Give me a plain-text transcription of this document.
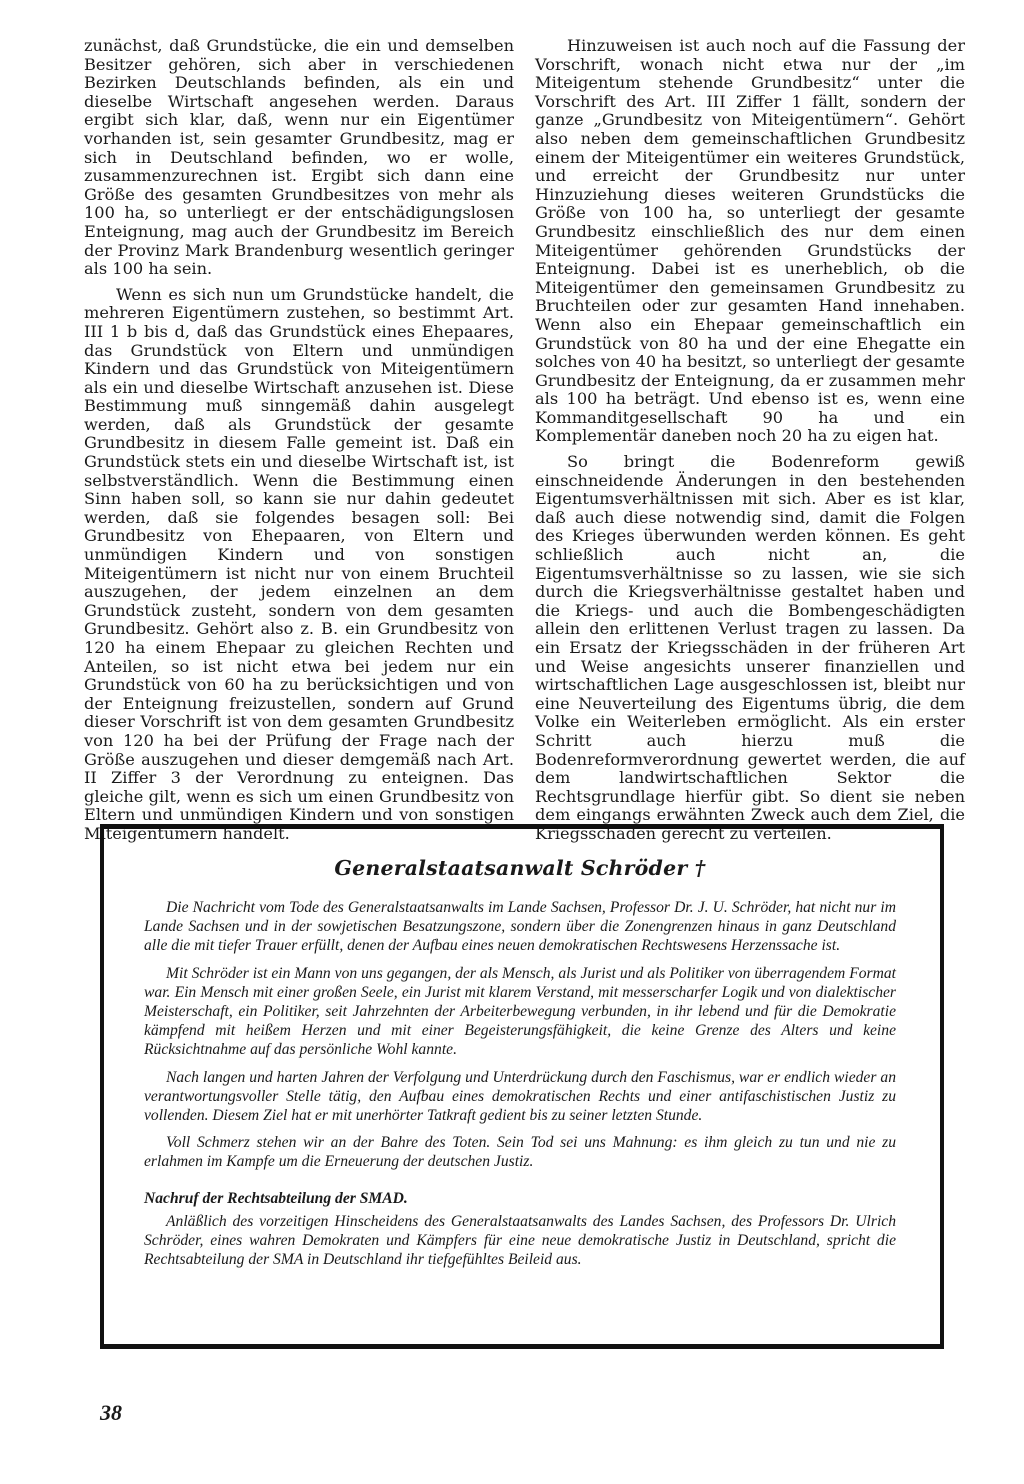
zunächst, daß Grundstücke, die ein und demselben Besitzer gehören, sich aber in verschiedenen Bezirken Deutschlands befinden, als ein und dieselbe Wirtschaft angesehen werden. Daraus ergibt sich klar, daß, wenn nur ein Eigentümer vorhanden ist, sein gesamter Grundbesitz, mag er sich in Deutschland befinden, wo er wolle, zusammenzurechnen ist. Ergibt sich dann eine Größe des gesamten Grundbesitzes von mehr als 100 ha, so unterliegt er der entschädigungslosen Enteignung, mag auch der Grundbesitz im Bereich der Provinz Mark Brandenburg wesentlich geringer als 100 ha sein.

Wenn es sich nun um Grundstücke handelt, die mehreren Eigentümern zustehen, so bestimmt Art. III 1 b bis d, daß das Grundstück eines Ehepaares, das Grundstück von Eltern und unmündigen Kindern und das Grundstück von Miteigentümern als ein und dieselbe Wirtschaft anzusehen ist. Diese Bestimmung muß sinngemäß dahin ausgelegt werden, daß als Grundstück der gesamte Grundbesitz in diesem Falle gemeint ist. Daß ein Grundstück stets ein und dieselbe Wirtschaft ist, ist selbstverständlich. Wenn die Bestimmung einen Sinn haben soll, so kann sie nur dahin gedeutet werden, daß sie folgendes besagen soll: Bei Grundbesitz von Ehepaaren, von Eltern und unmündigen Kindern und von sonstigen Miteigentümern ist nicht nur von einem Bruchteil auszugehen, der jedem einzelnen an dem Grundstück zusteht, sondern von dem gesamten Grundbesitz. Gehört also z. B. ein Grundbesitz von 120 ha einem Ehepaar zu gleichen Rechten und Anteilen, so ist nicht etwa bei jedem nur ein Grundstück von 60 ha zu berücksichtigen und von der Enteignung freizustellen, sondern auf Grund dieser Vorschrift ist von dem gesamten Grundbesitz von 120 ha bei der Prüfung der Frage nach der Größe auszugehen und dieser demgemäß nach Art. II Ziffer 3 der Verordnung zu enteignen. Das gleiche gilt, wenn es sich um einen Grundbesitz von Eltern und unmündigen Kindern und von sonstigen Miteigentümern handelt.

Hinzuweisen ist auch noch auf die Fassung der Vorschrift, wonach nicht etwa nur der „im Miteigentum stehende Grundbesitz“ unter die Vorschrift des Art. III Ziffer 1 fällt, sondern der ganze „Grundbesitz von Miteigentümern“. Gehört also neben dem gemeinschaftlichen Grundbesitz einem der Miteigentümer ein weiteres Grundstück, und erreicht der Grundbesitz nur unter Hinzuziehung dieses weiteren Grundstücks die Größe von 100 ha, so unterliegt der gesamte Grundbesitz einschließlich des nur dem einen Miteigentümer gehörenden Grundstücks der Enteignung. Dabei ist es unerheblich, ob die Miteigentümer den gemeinsamen Grundbesitz zu Bruchteilen oder zur gesamten Hand innehaben. Wenn also ein Ehepaar gemeinschaftlich ein Grundstück von 80 ha und der eine Ehegatte ein solches von 40 ha besitzt, so unterliegt der gesamte Grundbesitz der Enteignung, da er zusammen mehr als 100 ha beträgt. Und ebenso ist es, wenn eine Kommanditgesellschaft 90 ha und ein Komplementär daneben noch 20 ha zu eigen hat.

So bringt die Bodenreform gewiß einschneidende Änderungen in den bestehenden Eigentumsverhältnissen mit sich. Aber es ist klar, daß auch diese notwendig sind, damit die Folgen des Krieges überwunden werden können. Es geht schließlich auch nicht an, die Eigentumsverhältnisse so zu lassen, wie sie sich durch die Kriegsverhältnisse gestaltet haben und die Kriegs- und auch die Bombengeschädigten allein den erlittenen Verlust tragen zu lassen. Da ein Ersatz der Kriegsschäden in der früheren Art und Weise angesichts unserer finanziellen und wirtschaftlichen Lage ausgeschlossen ist, bleibt nur eine Neuverteilung des Eigentums übrig, die dem Volke ein Weiterleben ermöglicht. Als ein erster Schritt auch hierzu muß die Bodenreformverordnung gewertet werden, die auf dem landwirtschaftlichen Sektor die Rechtsgrundlage hierfür gibt. So dient sie neben dem eingangs erwähnten Zweck auch dem Ziel, die Kriegsschäden gerecht zu verteilen.

Generalstaatsanwalt Schröder †

Die Nachricht vom Tode des Generalstaatsanwalts im Lande Sachsen, Professor Dr. J. U. Schröder, hat nicht nur im Lande Sachsen und in der sowjetischen Besatzungszone, sondern über die Zonengrenzen hinaus in ganz Deutschland alle die mit tiefer Trauer erfüllt, denen der Aufbau eines neuen demokratischen Rechtswesens Herzenssache ist.

Mit Schröder ist ein Mann von uns gegangen, der als Mensch, als Jurist und als Politiker von überragendem Format war. Ein Mensch mit einer großen Seele, ein Jurist mit klarem Verstand, mit messerscharfer Logik und von dialektischer Meisterschaft, ein Politiker, seit Jahrzehnten der Arbeiterbewegung verbunden, in ihr lebend und für die Demokratie kämpfend mit heißem Herzen und mit einer Begeisterungsfähigkeit, die keine Grenze des Alters und keine Rücksichtnahme auf das persönliche Wohl kannte.

Nach langen und harten Jahren der Verfolgung und Unterdrückung durch den Faschismus, war er endlich wieder an verantwortungsvoller Stelle tätig, den Aufbau eines demokratischen Rechts und einer antifaschistischen Justiz zu vollenden. Diesem Ziel hat er mit unerhörter Tatkraft gedient bis zu seiner letzten Stunde.

Voll Schmerz stehen wir an der Bahre des Toten. Sein Tod sei uns Mahnung: es ihm gleich zu tun und nie zu erlahmen im Kampfe um die Erneuerung der deutschen Justiz.

Nachruf der Rechtsabteilung der SMAD.

Anläßlich des vorzeitigen Hinscheidens des Generalstaatsanwalts des Landes Sachsen, des Professors Dr. Ulrich Schröder, eines wahren Demokraten und Kämpfers für eine neue demokratische Justiz in Deutschland, spricht die Rechtsabteilung der SMA in Deutschland ihr tiefgefühltes Beileid aus.

38
